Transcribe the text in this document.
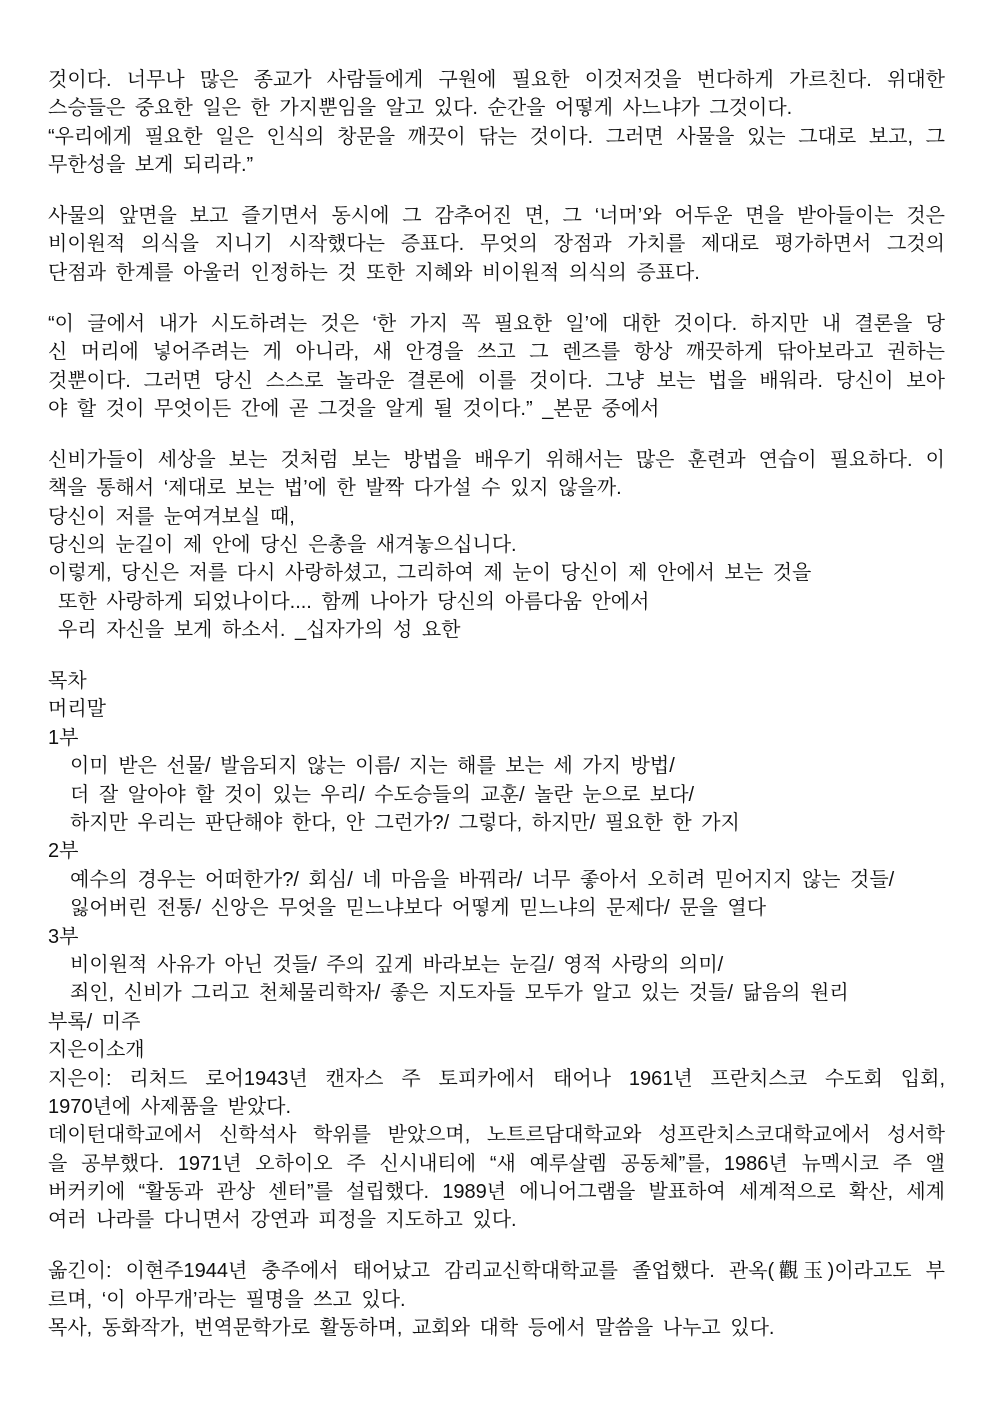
것이다. 너무나 많은 종교가 사람들에게 구원에 필요한 이것저것을 번다하게 가르친다. 위대한
스승들은 중요한 일은 한 가지뿐임을 알고 있다. 순간을 어떻게 사느냐가 그것이다.
“우리에게 필요한 일은 인식의 창문을 깨끗이 닦는 것이다. 그러면 사물을 있는 그대로 보고, 그
무한성을 보게 되리라.”
사물의 앞면을 보고 즐기면서 동시에 그 감추어진 면, 그 ‘너머’와 어두운 면을 받아들이는 것은
비이원적 의식을 지니기 시작했다는 증표다. 무엇의 장점과 가치를 제대로 평가하면서 그것의
단점과 한계를 아울러 인정하는 것 또한 지혜와 비이원적 의식의 증표다.
“이 글에서 내가 시도하려는 것은 ‘한 가지 꼭 필요한 일’에 대한 것이다. 하지만 내 결론을 당
신 머리에 넣어주려는 게 아니라, 새 안경을 쓰고 그 렌즈를 항상 깨끗하게 닦아보라고 권하는
것뿐이다. 그러면 당신 스스로 놀라운 결론에 이를 것이다. 그냥 보는 법을 배워라. 당신이 보아
야 할 것이 무엇이든 간에 곧 그것을 알게 될 것이다.” _본문 중에서
신비가들이 세상을 보는 것처럼 보는 방법을 배우기 위해서는 많은 훈련과 연습이 필요하다. 이
책을 통해서 ‘제대로 보는 법’에 한 발짝 다가설 수 있지 않을까.
당신이 저를 눈여겨보실 때,
당신의 눈길이 제 안에 당신 은총을 새겨놓으십니다.
이렇게, 당신은 저를 다시 사랑하셨고, 그리하여 제 눈이 당신이 제 안에서 보는 것을
또한 사랑하게 되었나이다.... 함께 나아가 당신의 아름다움 안에서
우리 자신을 보게 하소서. _십자가의 성 요한
목차
머리말
1부
이미 받은 선물/ 발음되지 않는 이름/ 지는 해를 보는 세 가지 방법/
더 잘 알아야 할 것이 있는 우리/ 수도승들의 교훈/ 놀란 눈으로 보다/
하지만 우리는 판단해야 한다, 안 그런가?/ 그렇다, 하지만/ 필요한 한 가지
2부
예수의 경우는 어떠한가?/ 회심/ 네 마음을 바꿔라/ 너무 좋아서 오히려 믿어지지 않는 것들/
잃어버린 전통/ 신앙은 무엇을 믿느냐보다 어떻게 믿느냐의 문제다/ 문을 열다
3부
비이원적 사유가 아닌 것들/ 주의 깊게 바라보는 눈길/ 영적 사랑의 의미/
죄인, 신비가 그리고 천체물리학자/ 좋은 지도자들 모두가 알고 있는 것들/ 닮음의 원리
부록/ 미주
지은이소개
지은이: 리처드 로어1943년 캔자스 주 토피카에서 태어나 1961년 프란치스코 수도회 입회,
1970년에 사제품을 받았다.
데이턴대학교에서 신학석사 학위를 받았으며, 노트르담대학교와 성프란치스코대학교에서 성서학
을 공부했다. 1971년 오하이오 주 신시내티에 “새 예루살렘 공동체”를, 1986년 뉴멕시코 주 앨
버커키에 “활동과 관상 센터”를 설립했다. 1989년 에니어그램을 발표하여 세계적으로 확산, 세계
여러 나라를 다니면서 강연과 피정을 지도하고 있다.
옮긴이: 이현주1944년 충주에서 태어났고 감리교신학대학교를 졸업했다. 관옥(觀玉)이라고도 부
르며, ‘이 아무개’라는 필명을 쓰고 있다.
목사, 동화작가, 번역문학가로 활동하며, 교회와 대학 등에서 말씀을 나누고 있다.
